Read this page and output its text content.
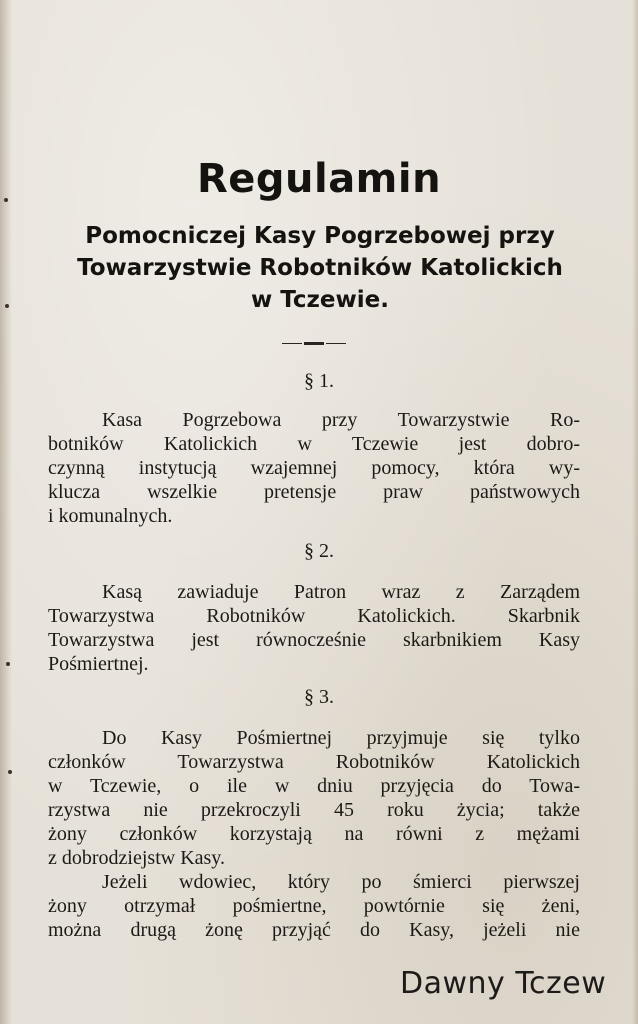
Regulamin
Pomocniczej Kasy Pogrzebowej przy
Towarzystwie Robotników Katolickich
w Tczewie.
§ 1.
Kasa Pogrzebowa przy Towarzystwie Ro-
botników Katolickich w Tczewie jest dobro-
czynną instytucją wzajemnej pomocy, która wy-
klucza wszelkie pretensje praw państwowych
i komunalnych.
§ 2.
Kasą zawiaduje Patron wraz z Zarządem
Towarzystwa Robotników Katolickich. Skarbnik
Towarzystwa jest równocześnie skarbnikiem Kasy
Pośmiertnej.
§ 3.
Do Kasy Pośmiertnej przyjmuje się tylko
członków Towarzystwa Robotników Katolickich
w Tczewie, o ile w dniu przyjęcia do Towa-
rzystwa nie przekroczyli 45 roku życia; także
żony członków korzystają na równi z mężami
z dobrodziejstw Kasy.
Jeżeli wdowiec, który po śmierci pierwszej
żony otrzymał pośmiertne, powtórnie się żeni,
można drugą żonę przyjąć do Kasy, jeżeli nie
Dawny Tczew
